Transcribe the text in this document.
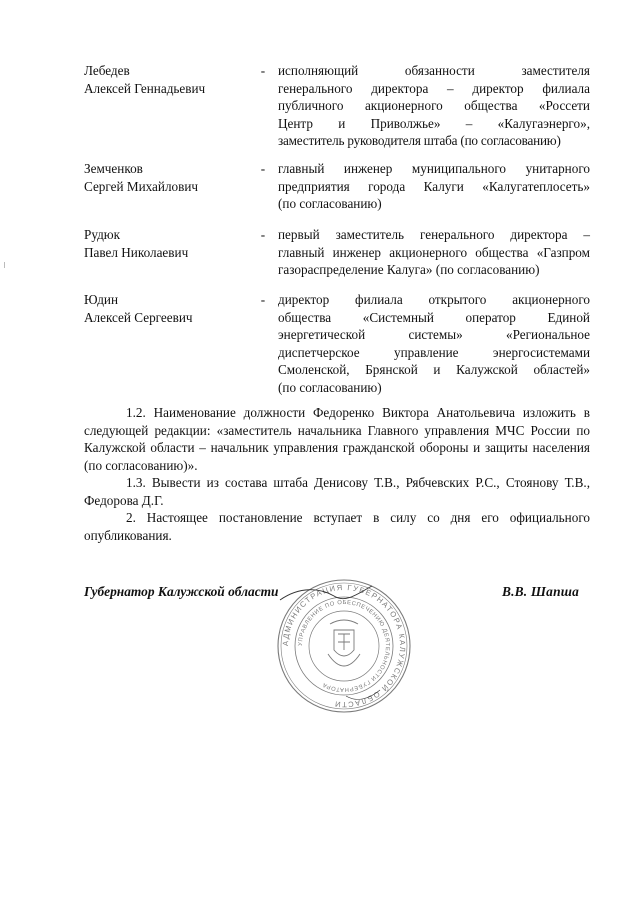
Лебедев
Алексей Геннадьевич
- исполняющий обязанности заместителя
генерального директора – директор филиала
публичного акционерного общества «Россети
Центр и Приволжье» – «Калугаэнерго»,
заместитель руководителя штаба (по согласованию)
Земченков
Сергей Михайлович
- главный инженер муниципального унитарного
предприятия города Калуги «Калугатеплосеть»
(по согласованию)
Рудюк
Павел Николаевич
- первый заместитель генерального директора –
главный инженер акционерного общества «Газпром
газораспределение Калуга» (по согласованию)
Юдин
Алексей Сергеевич
- директор филиала открытого акционерного
общества «Системный оператор Единой
энергетической системы» «Региональное
диспетчерское управление энергосистемами
Смоленской, Брянской и Калужской областей»
(по согласованию)

1.2. Наименование должности Федоренко Виктора Анатольевича изложить в следующей редакции: «заместитель начальника Главного управления МЧС России по Калужской области – начальник управления гражданской обороны и защиты населения (по согласованию)».

1.3. Вывести из состава штаба Денисову Т.В., Рябчевских Р.С., Стоянову Т.В., Федорова Д.Г.

2. Настоящее постановление вступает в силу со дня его официального опубликования.

АДМИНИСТРАЦИЯ ГУБЕРНАТОРА КАЛУЖСКОЙ ОБЛАСТИ
УПРАВЛЕНИЕ ПО ОБЕСПЕЧЕНИЮ ДЕЯТЕЛЬНОСТИ ГУБЕРНАТОРА
Губернатор Калужской области	В.В. Шапша
